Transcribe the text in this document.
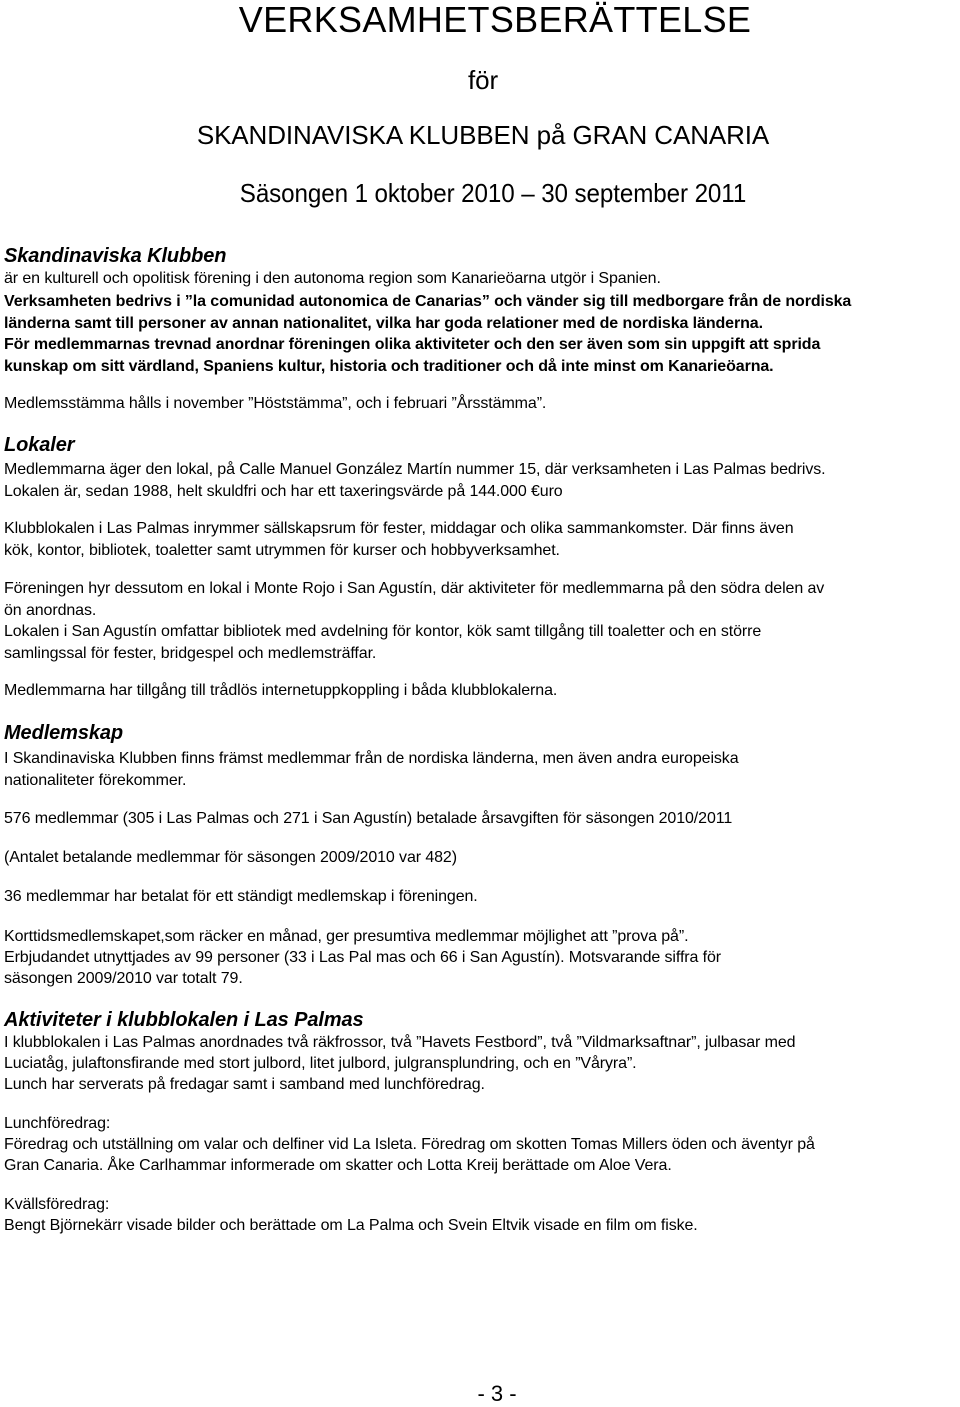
VERKSAMHETSBERÄTTELSE
för
SKANDINAVISKA KLUBBEN på GRAN CANARIA
Säsongen 1 oktober 2010 – 30 september 2011
Skandinaviska Klubben
är en kulturell och opolitisk förening i den autonoma region som Kanarieöarna utgör i Spanien.
Verksamheten bedrivs i ”la comunidad autonomica de Canarias” och vänder sig till medborgare från de nordiska
länderna samt till personer av annan nationalitet, vilka har goda relationer med de nordiska länderna.
För medlemmarnas trevnad anordnar föreningen olika aktiviteter och den ser även som sin uppgift att sprida
kunskap om sitt värdland, Spaniens kultur, historia och traditioner och då inte minst om Kanarieöarna.
Medlemsstämma hålls i november ”Höststämma”, och i februari ”Årsstämma”.
Lokaler
Medlemmarna äger den lokal, på Calle Manuel González Martín nummer 15, där verksamheten i Las Palmas bedrivs.
Lokalen är, sedan 1988, helt skuldfri och har ett taxeringsvärde på 144.000 €uro
Klubblokalen i Las Palmas inrymmer sällskapsrum för fester, middagar och olika sammankomster. Där finns även
kök, kontor, bibliotek, toaletter samt utrymmen för kurser och hobbyverksamhet.
Föreningen hyr dessutom en lokal i Monte Rojo i San Agustín, där aktiviteter för medlemmarna på den södra delen av
ön anordnas.
Lokalen i San Agustín omfattar bibliotek med avdelning för kontor, kök samt tillgång till toaletter och en större
samlingssal för fester, bridgespel och medlemsträffar.
Medlemmarna har tillgång till trådlös internetuppkoppling i båda klubblokalerna.
Medlemskap
I Skandinaviska Klubben finns främst medlemmar från de nordiska länderna, men även andra europeiska
nationaliteter förekommer.
576 medlemmar (305 i Las Palmas och 271 i San Agustín) betalade årsavgiften för säsongen 2010/2011
(Antalet betalande medlemmar för säsongen 2009/2010 var 482)
36 medlemmar har betalat för ett ständigt medlemskap i föreningen.
Korttidsmedlemskapet,som räcker en månad, ger presumtiva medlemmar möjlighet att ”prova på”.
Erbjudandet utnyttjades av 99 personer (33 i Las Pal mas och 66 i San Agustín). Motsvarande siffra för
säsongen 2009/2010 var totalt 79.
Aktiviteter i klubblokalen i Las Palmas
I klubblokalen i Las Palmas anordnades två räkfrossor, två ”Havets Festbord”, två ”Vildmarksaftnar”, julbasar med
Luciatåg, julaftonsfirande med stort julbord, litet julbord, julgransplundring, och en ”Våryra”.
Lunch har serverats på fredagar samt i samband med lunchföredrag.
Lunchföredrag:
Föredrag och utställning om valar och delfiner vid La Isleta. Föredrag om skotten Tomas Millers öden och äventyr på
Gran Canaria. Åke Carlhammar informerade om skatter och Lotta Kreij berättade om Aloe Vera.
Kvällsföredrag:
Bengt Björnekärr visade bilder och berättade om La Palma och Svein Eltvik visade en film om fiske.
- 3 -
